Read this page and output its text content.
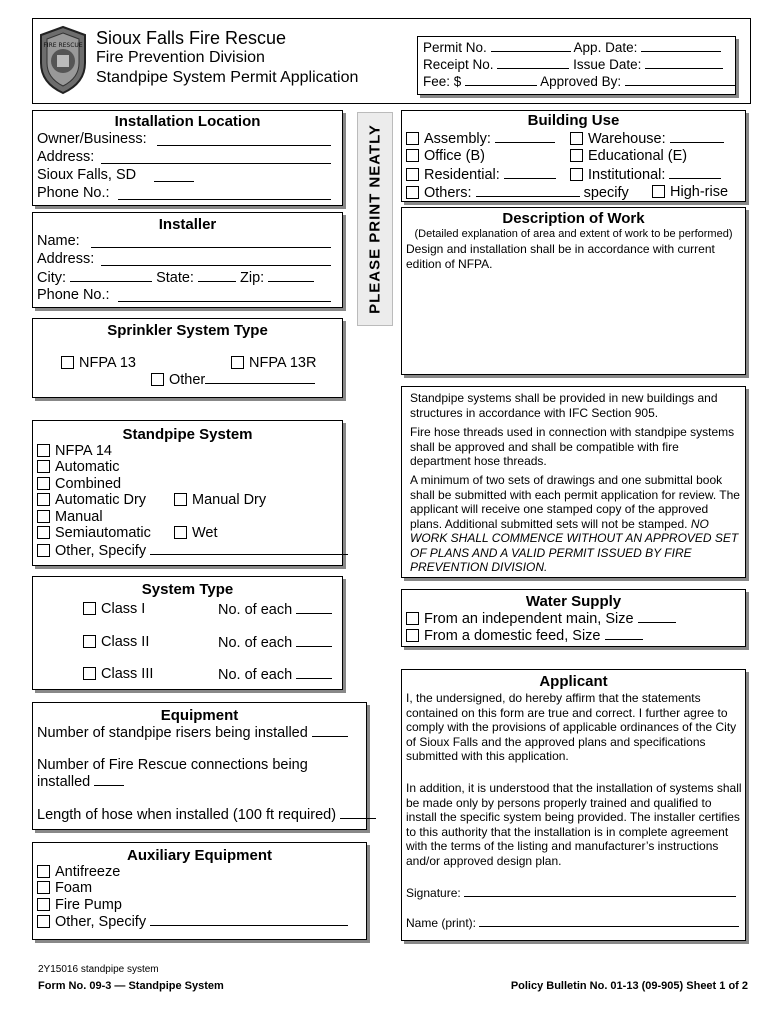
FIRE RESCUE Sioux Falls Fire Rescue
Fire Prevention Division
Standpipe System Permit Application
Permit No.	App. Date:
Receipt No.	Issue Date:
Fee: $	Approved By:
PLEASE PRINT NEATLY
Installation Location
Owner/Business:
Address:
Sioux Falls, SD
Phone No.:
Installer
Name:
Address:
City:	State:	Zip:
Phone No.:
Sprinkler System Type
NFPA 13	NFPA 13R
Other
Standpipe System
NFPA 14
Automatic
Combined
Automatic Dry	Manual Dry
Manual
Semiautomatic	Wet
Other, Specify
System Type
Class I	No. of each
Class II	No. of each
Class III	No. of each
Equipment
Number of standpipe risers being installed
Number of Fire Rescue connections being
installed
Length of hose when installed (100 ft required)
Auxiliary Equipment
Antifreeze
Foam
Fire Pump
Other, Specify
Building Use
Assembly:	Warehouse:
Office (B)	Educational (E)
Residential:	Institutional:
Others:	specify	High-rise
Description of Work
(Detailed explanation of area and extent of work to be performed)
Design and installation shall be in accordance with current edition of NFPA.
Standpipe systems shall be provided in new buildings and structures in accordance with IFC Section 905.
Fire hose threads used in connection with standpipe systems shall be approved and shall be compatible with fire department hose threads.
A minimum of two sets of drawings and one submittal book shall be submitted with each permit application for review. The applicant will receive one stamped copy of the approved plans. Additional submitted sets will not be stamped. NO WORK SHALL COMMENCE WITHOUT AN APPROVED SET OF PLANS AND A VALID PERMIT ISSUED BY FIRE PREVENTION DIVISION.
Water Supply
From an independent main, Size
From a domestic feed, Size
Applicant
I, the undersigned, do hereby affirm that the statements contained on this form are true and correct. I further agree to comply with the provisions of applicable ordinances of the City of Sioux Falls and the approved plans and specifications submitted with this application.
In addition, it is understood that the installation of systems shall be made only by persons properly trained and qualified to install the specific system being provided. The installer certifies to this authority that the installation is in complete agreement with the terms of the listing and manufacturer’s instructions and/or approved design plan.
Signature:
Name (print):
2Y15016 standpipe system
Form No. 09-3 — Standpipe System	Policy Bulletin No. 01-13 (09-905) Sheet 1 of 2
